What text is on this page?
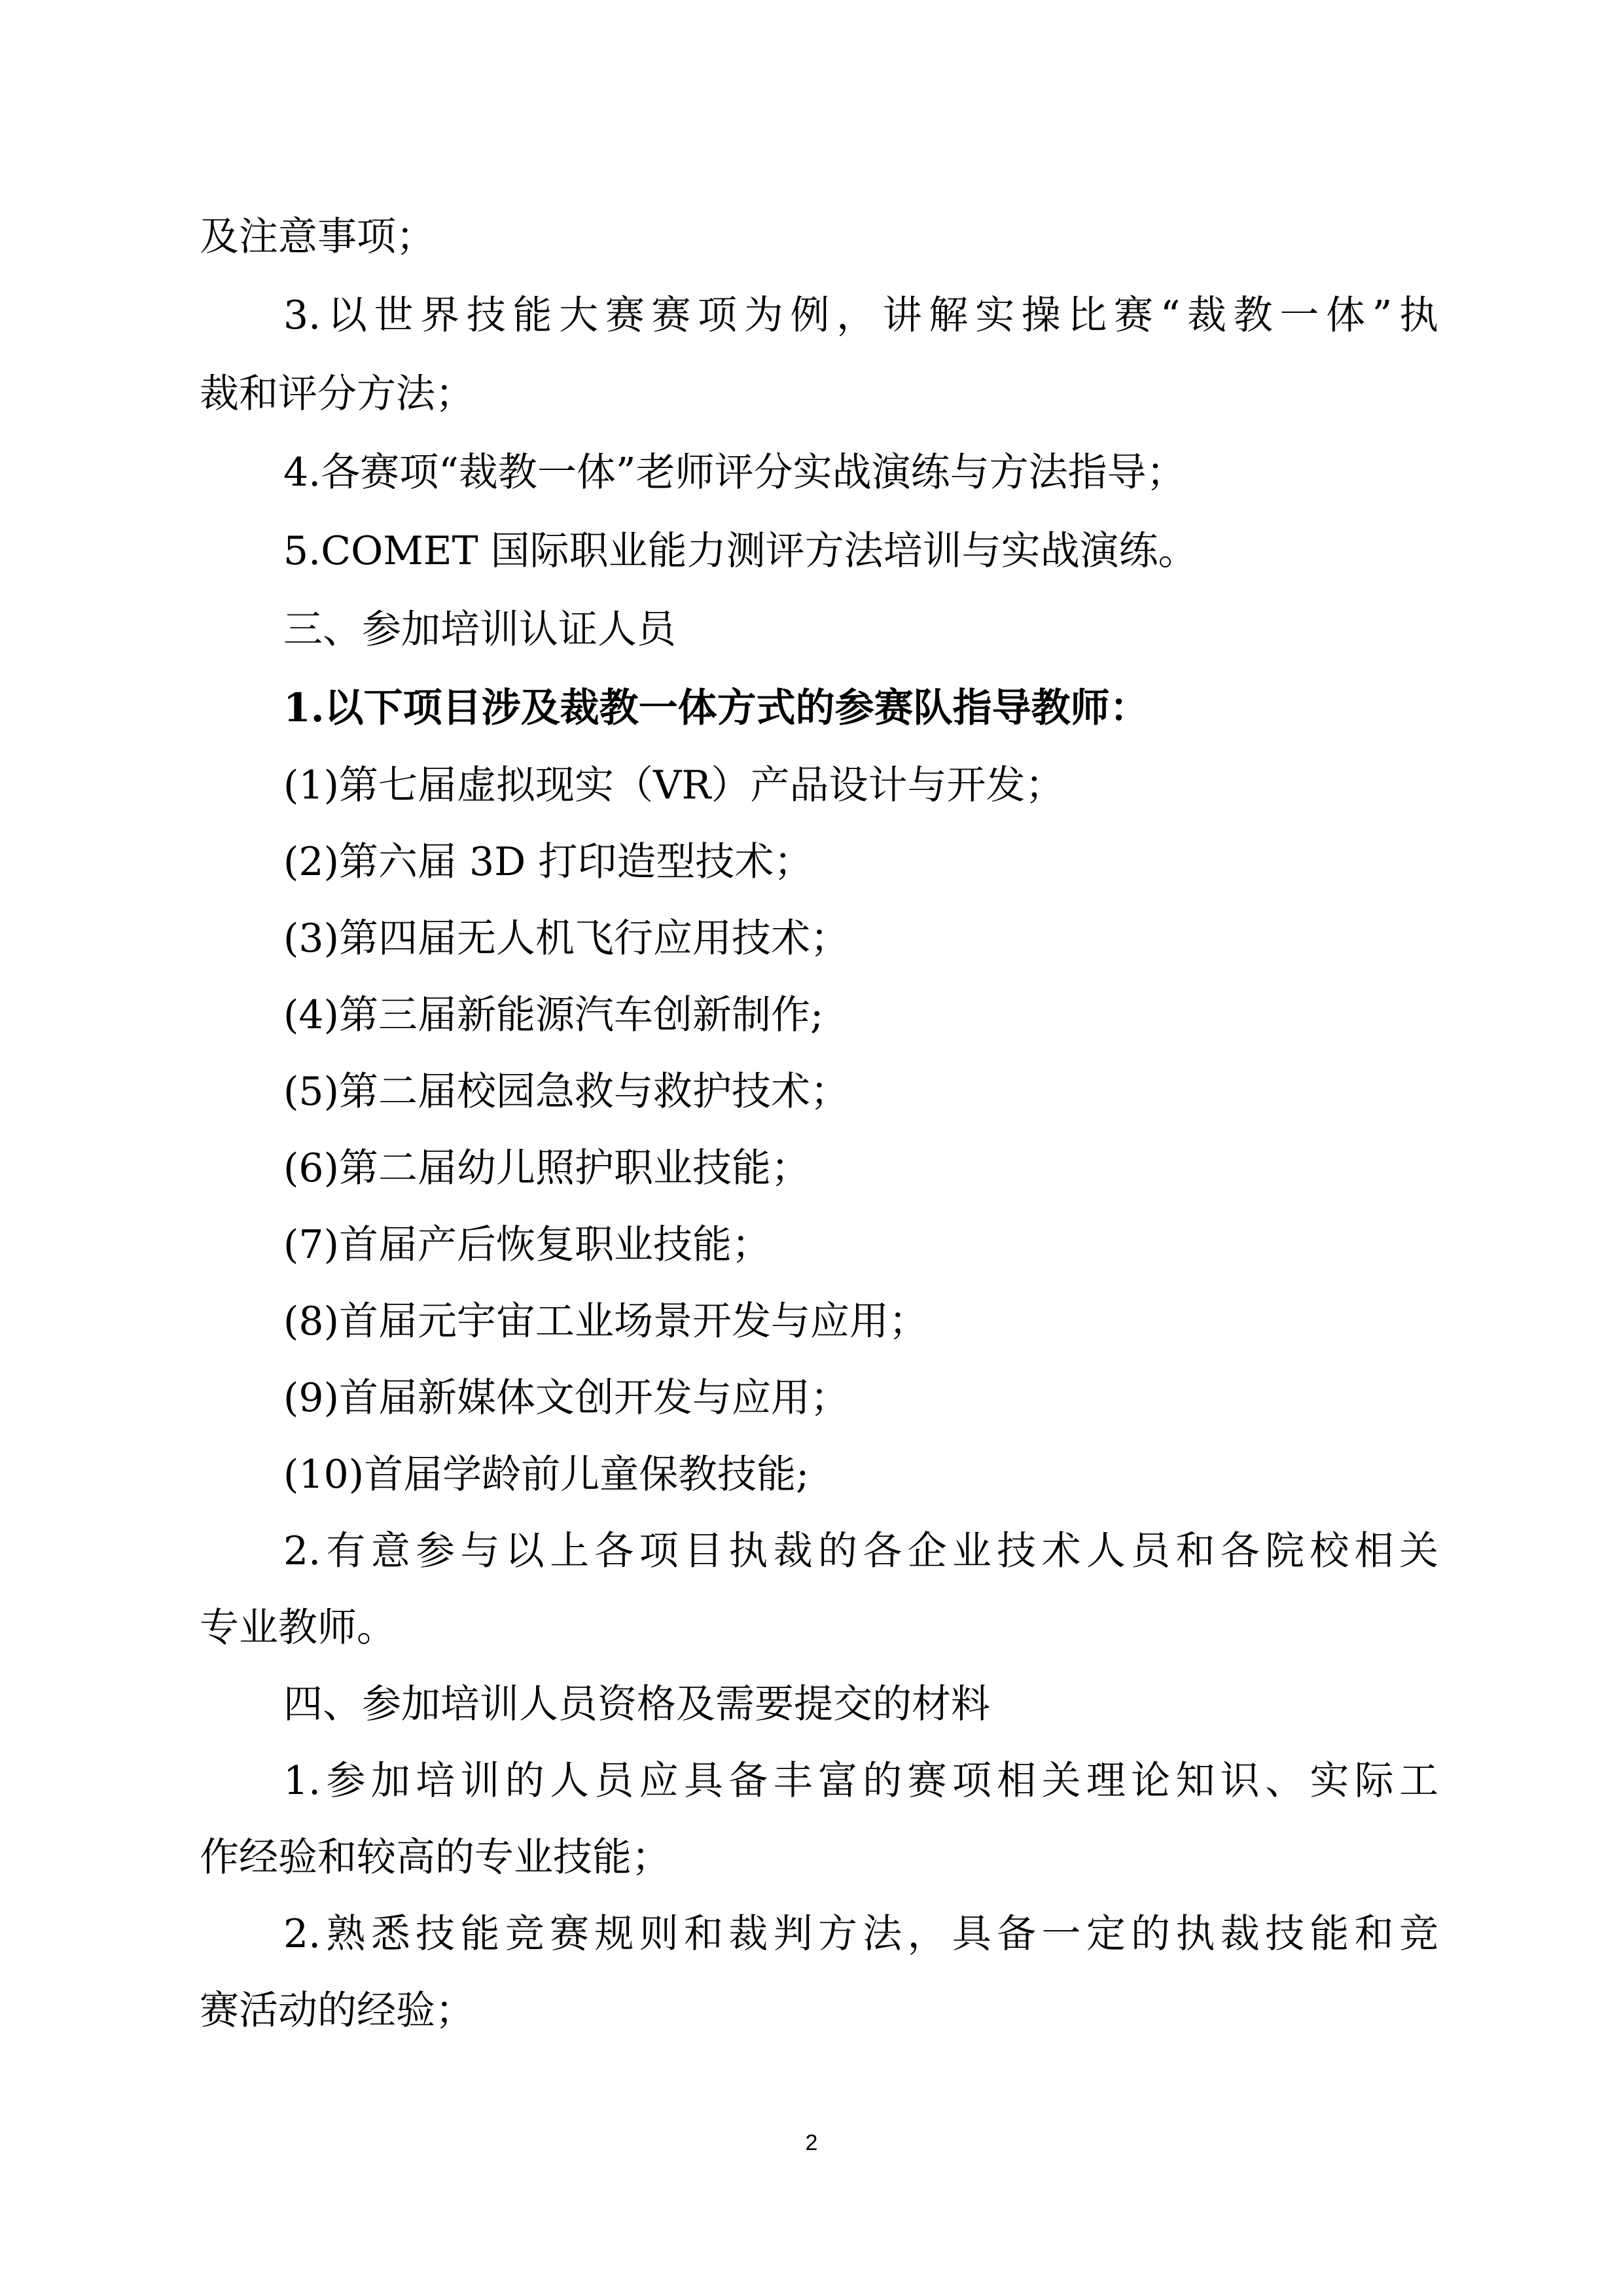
及注意事项；
3.以世界技能大赛赛项为例，讲解实操比赛“裁教一体”执
裁和评分方法；
4.各赛项“裁教一体”老师评分实战演练与方法指导；
5.COMET 国际职业能力测评方法培训与实战演练。
三、参加培训认证人员
1.以下项目涉及裁教一体方式的参赛队指导教师：
(1)第七届虚拟现实（VR）产品设计与开发；
(2)第六届 3D 打印造型技术；
(3)第四届无人机飞行应用技术；
(4)第三届新能源汽车创新制作;
(5)第二届校园急救与救护技术；
(6)第二届幼儿照护职业技能；
(7)首届产后恢复职业技能；
(8)首届元宇宙工业场景开发与应用；
(9)首届新媒体文创开发与应用；
(10)首届学龄前儿童保教技能;
2.有意参与以上各项目执裁的各企业技术人员和各院校相关
专业教师。
四、参加培训人员资格及需要提交的材料
1.参加培训的人员应具备丰富的赛项相关理论知识、实际工
作经验和较高的专业技能；
2.熟悉技能竞赛规则和裁判方法，具备一定的执裁技能和竞
赛活动的经验；
2
